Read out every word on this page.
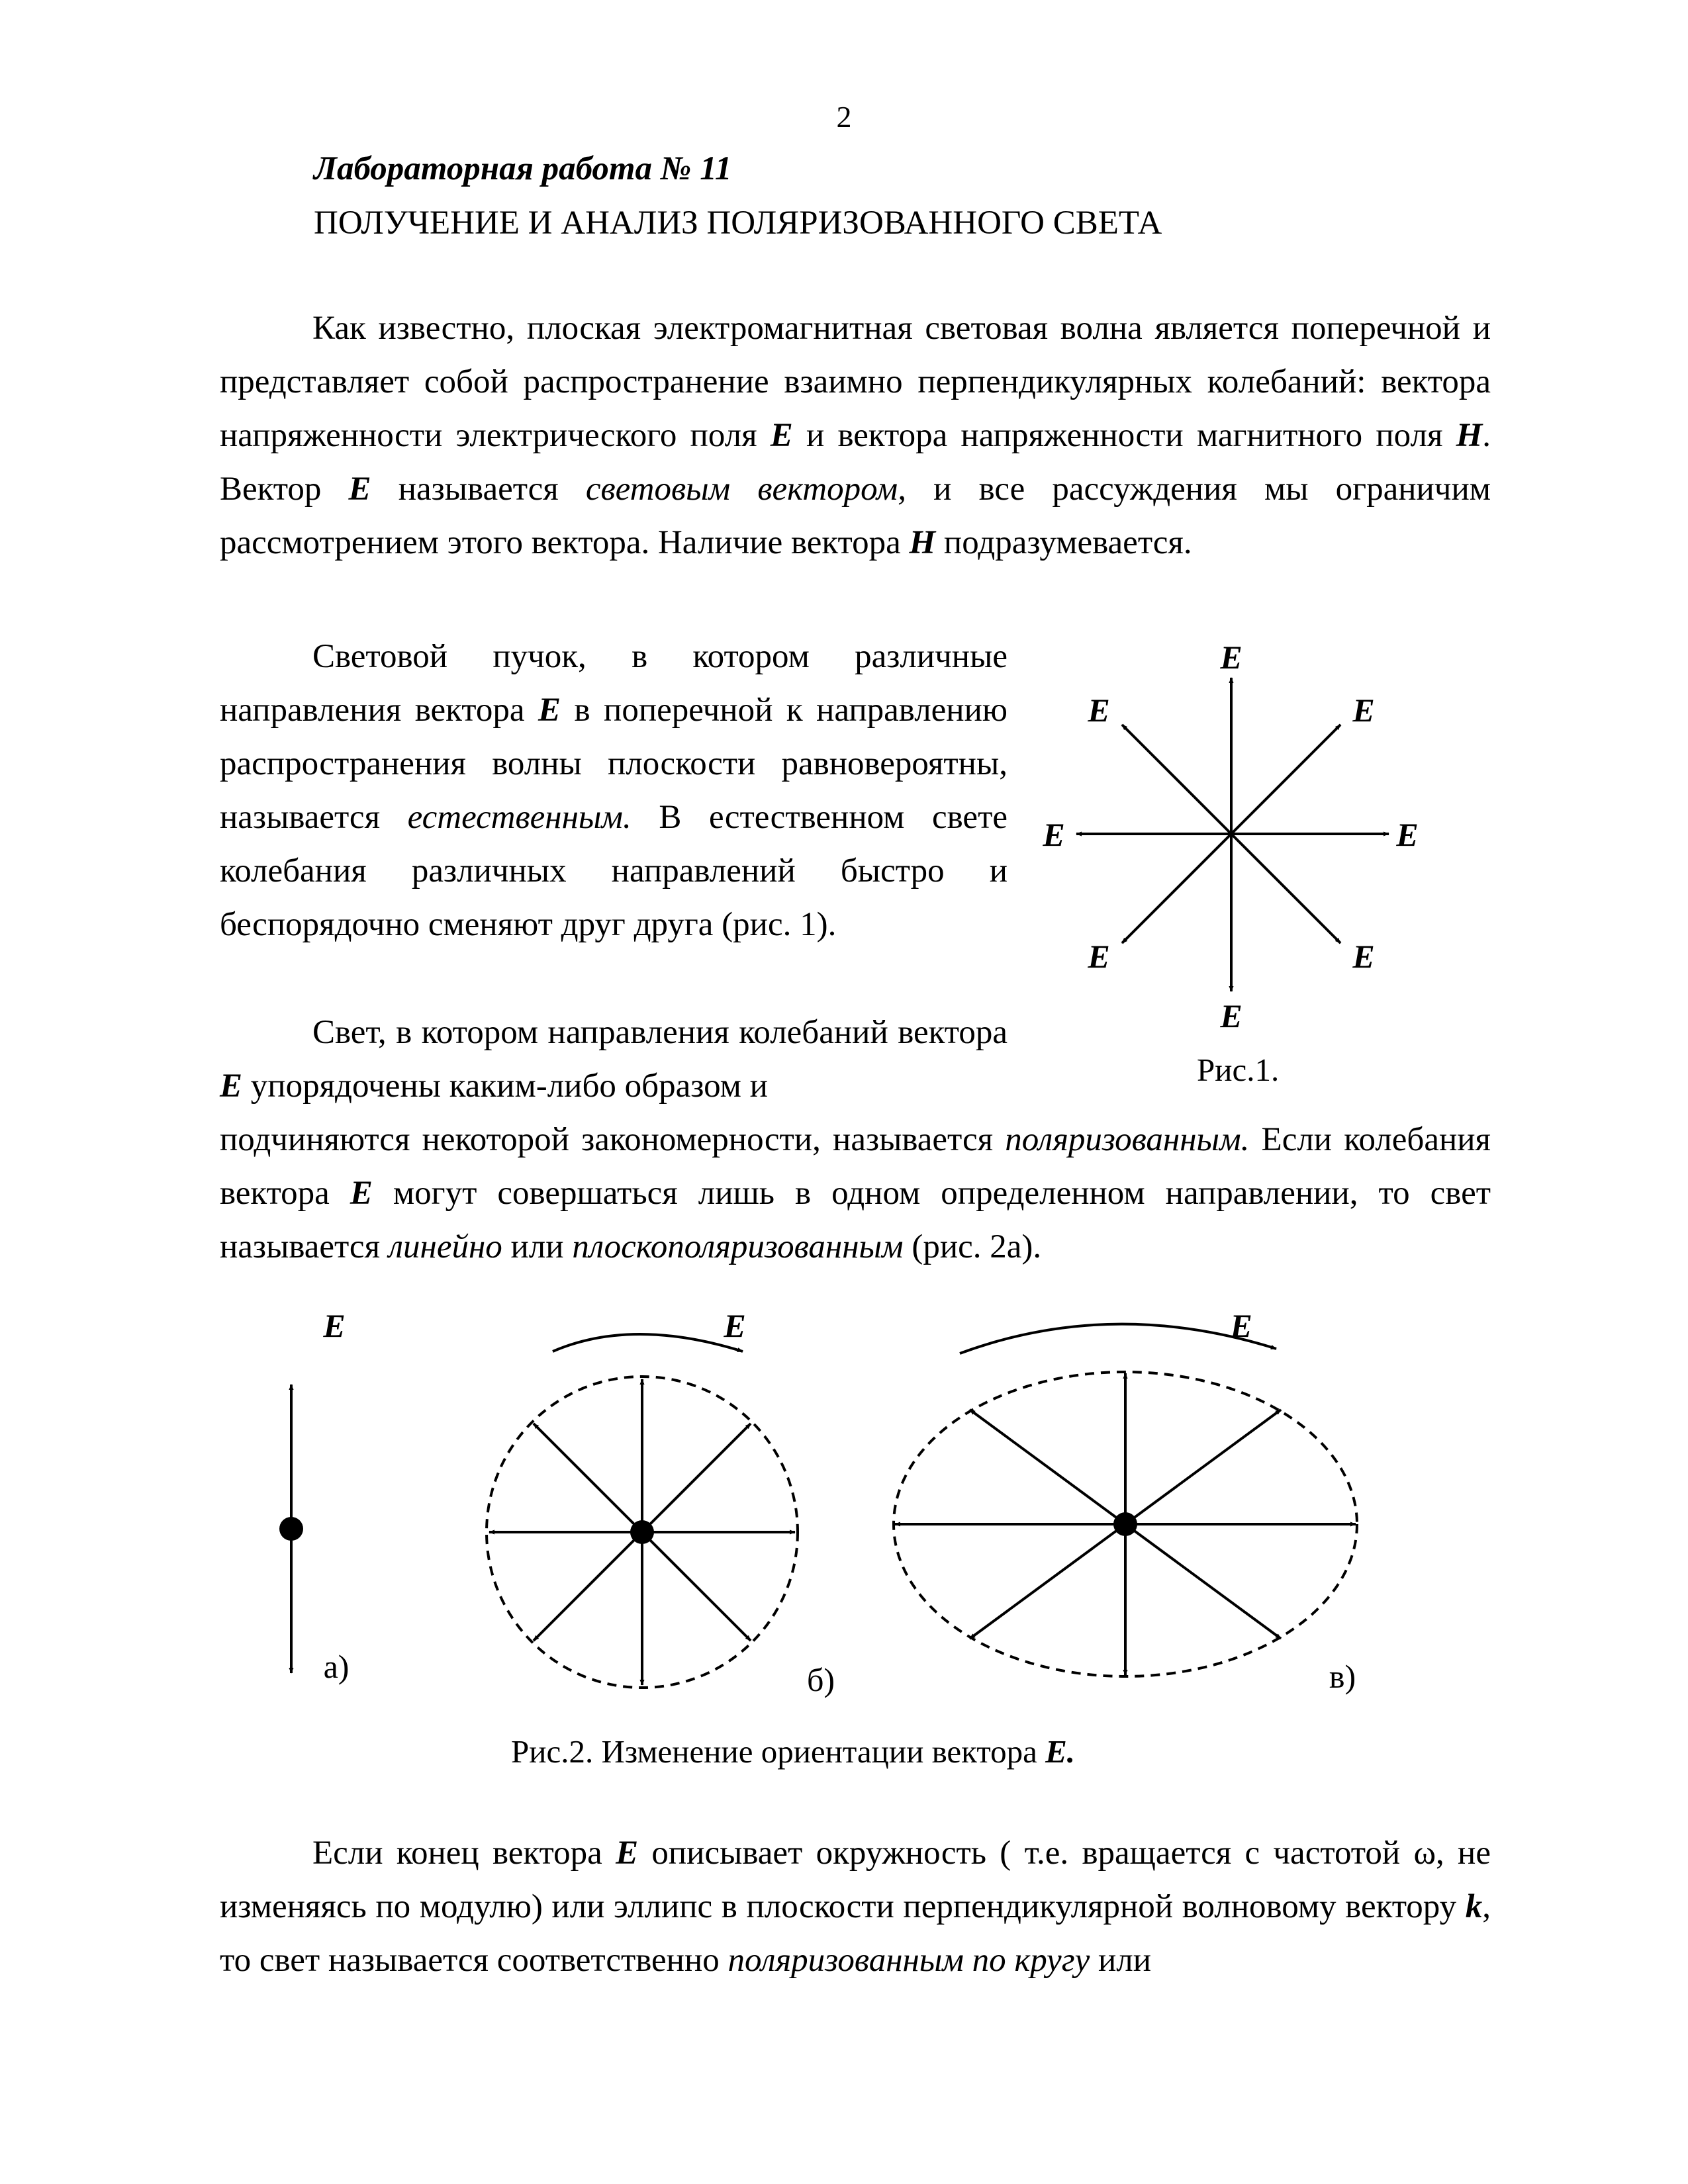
2
Лабораторная работа № 11
ПОЛУЧЕНИЕ И АНАЛИЗ ПОЛЯРИЗОВАННОГО СВЕТА

Как известно, плоская электромагнитная световая волна является поперечной и представляет собой распространение взаимно перпендикулярных колебаний: вектора напряженности электрического поля E и вектора напряженности магнитного поля H. Вектор E называется световым вектором, и все рассуждения мы ограничим рассмотрением этого вектора. Наличие вектора H подразумевается.

Световой пучок, в котором различные направления вектора E в поперечной к направлению распространения волны плоскости равновероятны, называется естественным. В естественном свете колебания различных направлений быстро и беспорядочно сменяют друг друга (рис. 1).

Свет, в котором направления колебаний вектора E упорядочены каким-либо образом и

подчиняются некоторой закономерности, называется поляризованным. Если колебания вектора E могут совершаться лишь в одном определенном направлении, то свет называется линейно или плоскополяризованным (рис. 2а).

E
E	E
E	E
E	E
E
Рис.1.
E
а)
E
б)
E
в)
Рис.2. Изменение ориентации вектора E.

Если конец вектора E описывает окружность ( т.е. вращается с частотой ω, не изменяясь по модулю) или эллипс в плоскости перпендикулярной волновому вектору k, то свет называется соответственно поляризованным по кругу или
